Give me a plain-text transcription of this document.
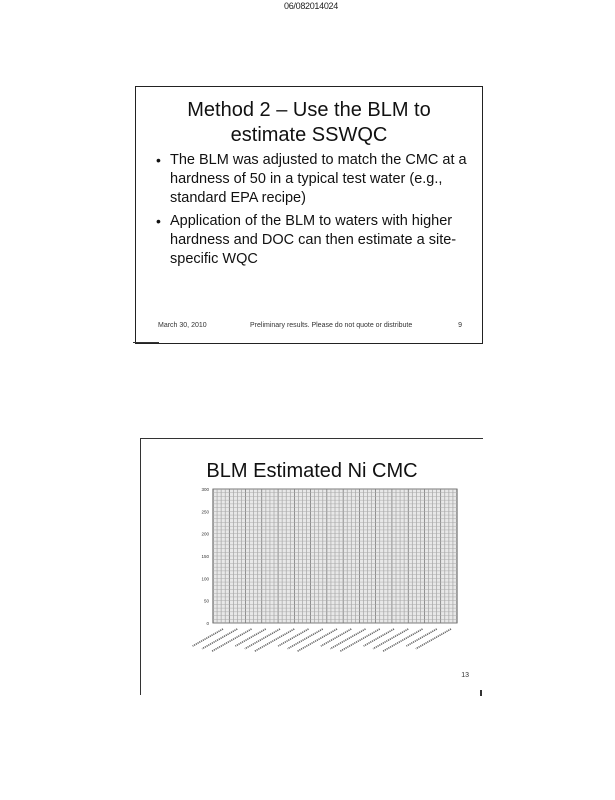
06/082014024
Method 2 – Use the BLM to
estimate SSWQC
• The BLM was adjusted to match the CMC at a hardness of 50 in a typical test water (e.g., standard EPA recipe)
• Application of the BLM to waters with higher hardness and DOC can then estimate a site-specific WQC
March 30, 2010	Preliminary results. Please do not quote or distribute	9
BLM Estimated Ni CMC
0
50
100
150
200
250
300
13
